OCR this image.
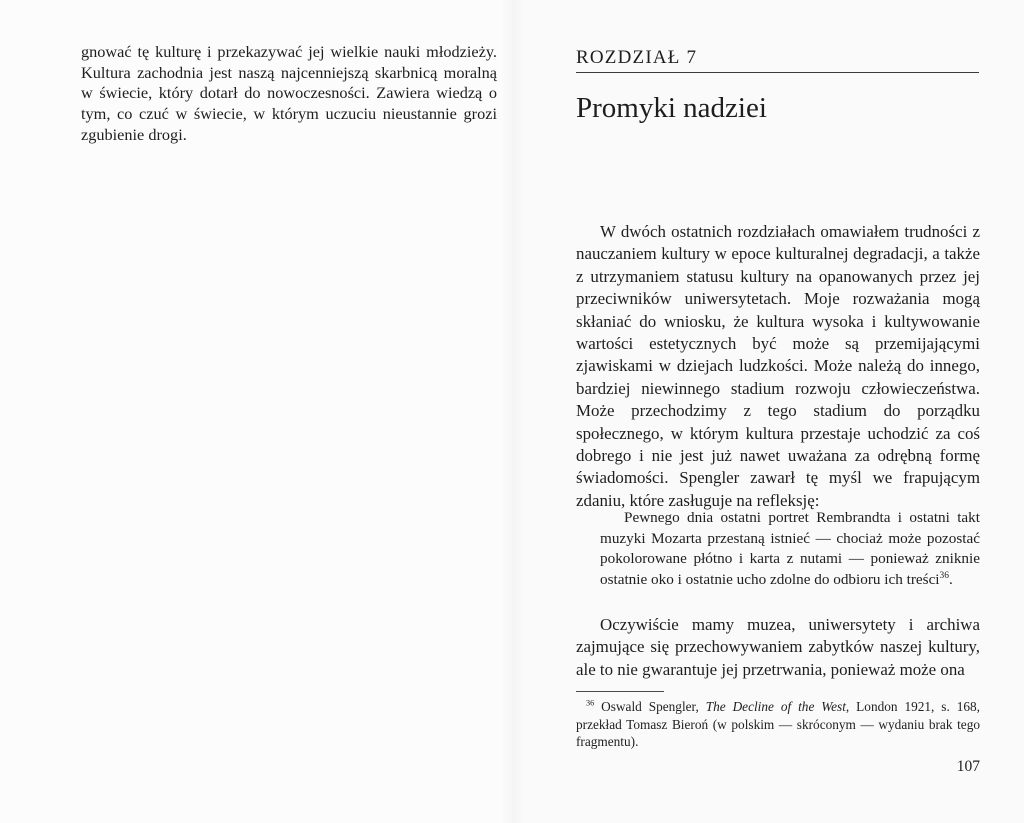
gnować tę kulturę i przekazywać jej wielkie nauki młodzieży. Kultura zachodnia jest naszą najcenniejszą skarbnicą moralną w świecie, który dotarł do nowoczesności. Zawiera wiedzą o tym, co czuć w świecie, w którym uczuciu nieustannie grozi zgubienie drogi.

ROZDZIAŁ 7
Promyki nadziei

W dwóch ostatnich rozdziałach omawiałem trudności z nauczaniem kultury w epoce kulturalnej degradacji, a także z utrzymaniem statusu kultury na opanowanych przez jej przeciwników uniwersytetach. Moje rozważania mogą skłaniać do wniosku, że kultura wysoka i kultywowanie wartości estetycznych być może są przemijającymi zjawiskami w dziejach ludzkości. Może należą do innego, bardziej niewinnego stadium rozwoju człowieczeństwa. Może przechodzimy z tego stadium do porządku społecznego, w którym kultura przestaje uchodzić za coś dobrego i nie jest już nawet uważana za odrębną formę świadomości. Spengler zawarł tę myśl we frapującym zdaniu, które zasługuje na refleksję:

Pewnego dnia ostatni portret Rembrandta i ostatni takt muzyki Mozarta przestaną istnieć — chociaż może pozostać pokolorowane płótno i karta z nutami — ponieważ zniknie ostatnie oko i ostatnie ucho zdolne do odbioru ich treści$^{36}$.

Oczywiście mamy muzea, uniwersytety i archiwa zajmujące się przechowywaniem zabytków naszej kultury, ale to nie gwarantuje jej przetrwania, ponieważ może ona

$^{36}$ Oswald Spengler, The Decline of the West, London 1921, s. 168, przekład Tomasz Bieroń (w polskim — skróconym — wydaniu brak tego fragmentu).

107
